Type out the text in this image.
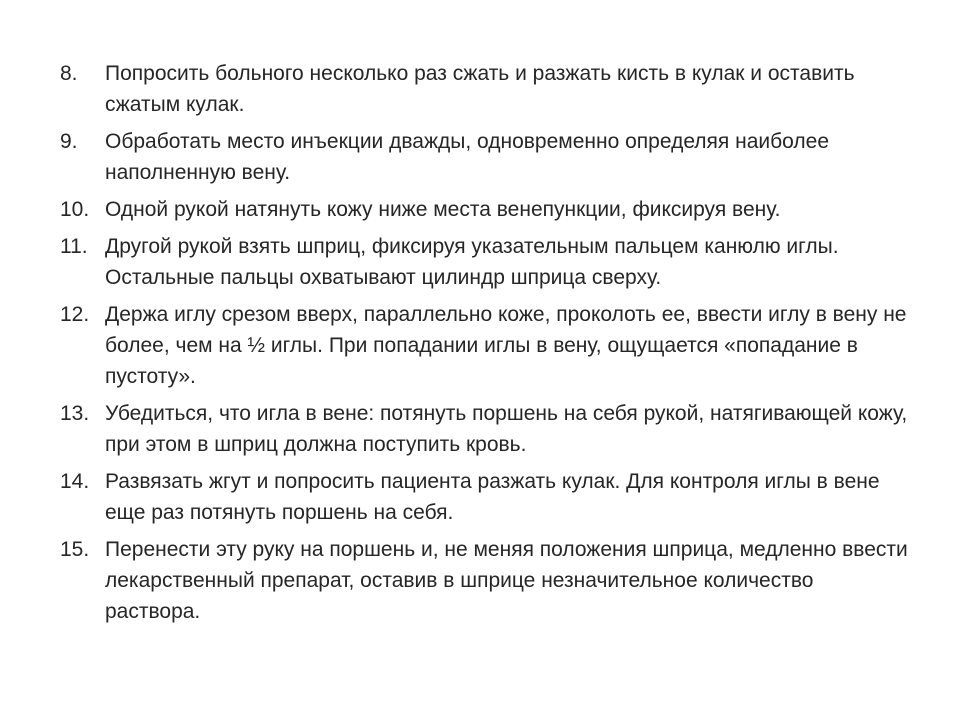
8. Попросить больного несколько раз сжать и разжать кисть в кулак и оставить сжатым кулак.
9. Обработать место инъекции дважды, одновременно определяя наиболее наполненную вену.
10. Одной рукой натянуть кожу ниже места венепункции, фиксируя вену.
11. Другой рукой взять шприц, фиксируя указательным пальцем канюлю иглы. Остальные пальцы охватывают цилиндр шприца сверху.
12. Держа иглу срезом вверх, параллельно коже, проколоть ее, ввести иглу в вену не более, чем на ½ иглы. При попадании иглы в вену, ощущается «попадание в пустоту».
13. Убедиться, что игла в вене: потянуть поршень на себя рукой, натягивающей кожу, при этом в шприц должна поступить кровь.
14. Развязать жгут и попросить пациента разжать кулак. Для контроля иглы в вене еще раз потянуть поршень на себя.
15. Перенести эту руку на поршень и, не меняя положения шприца, медленно ввести лекарственный препарат, оставив в шприце незначительное количество раствора.
